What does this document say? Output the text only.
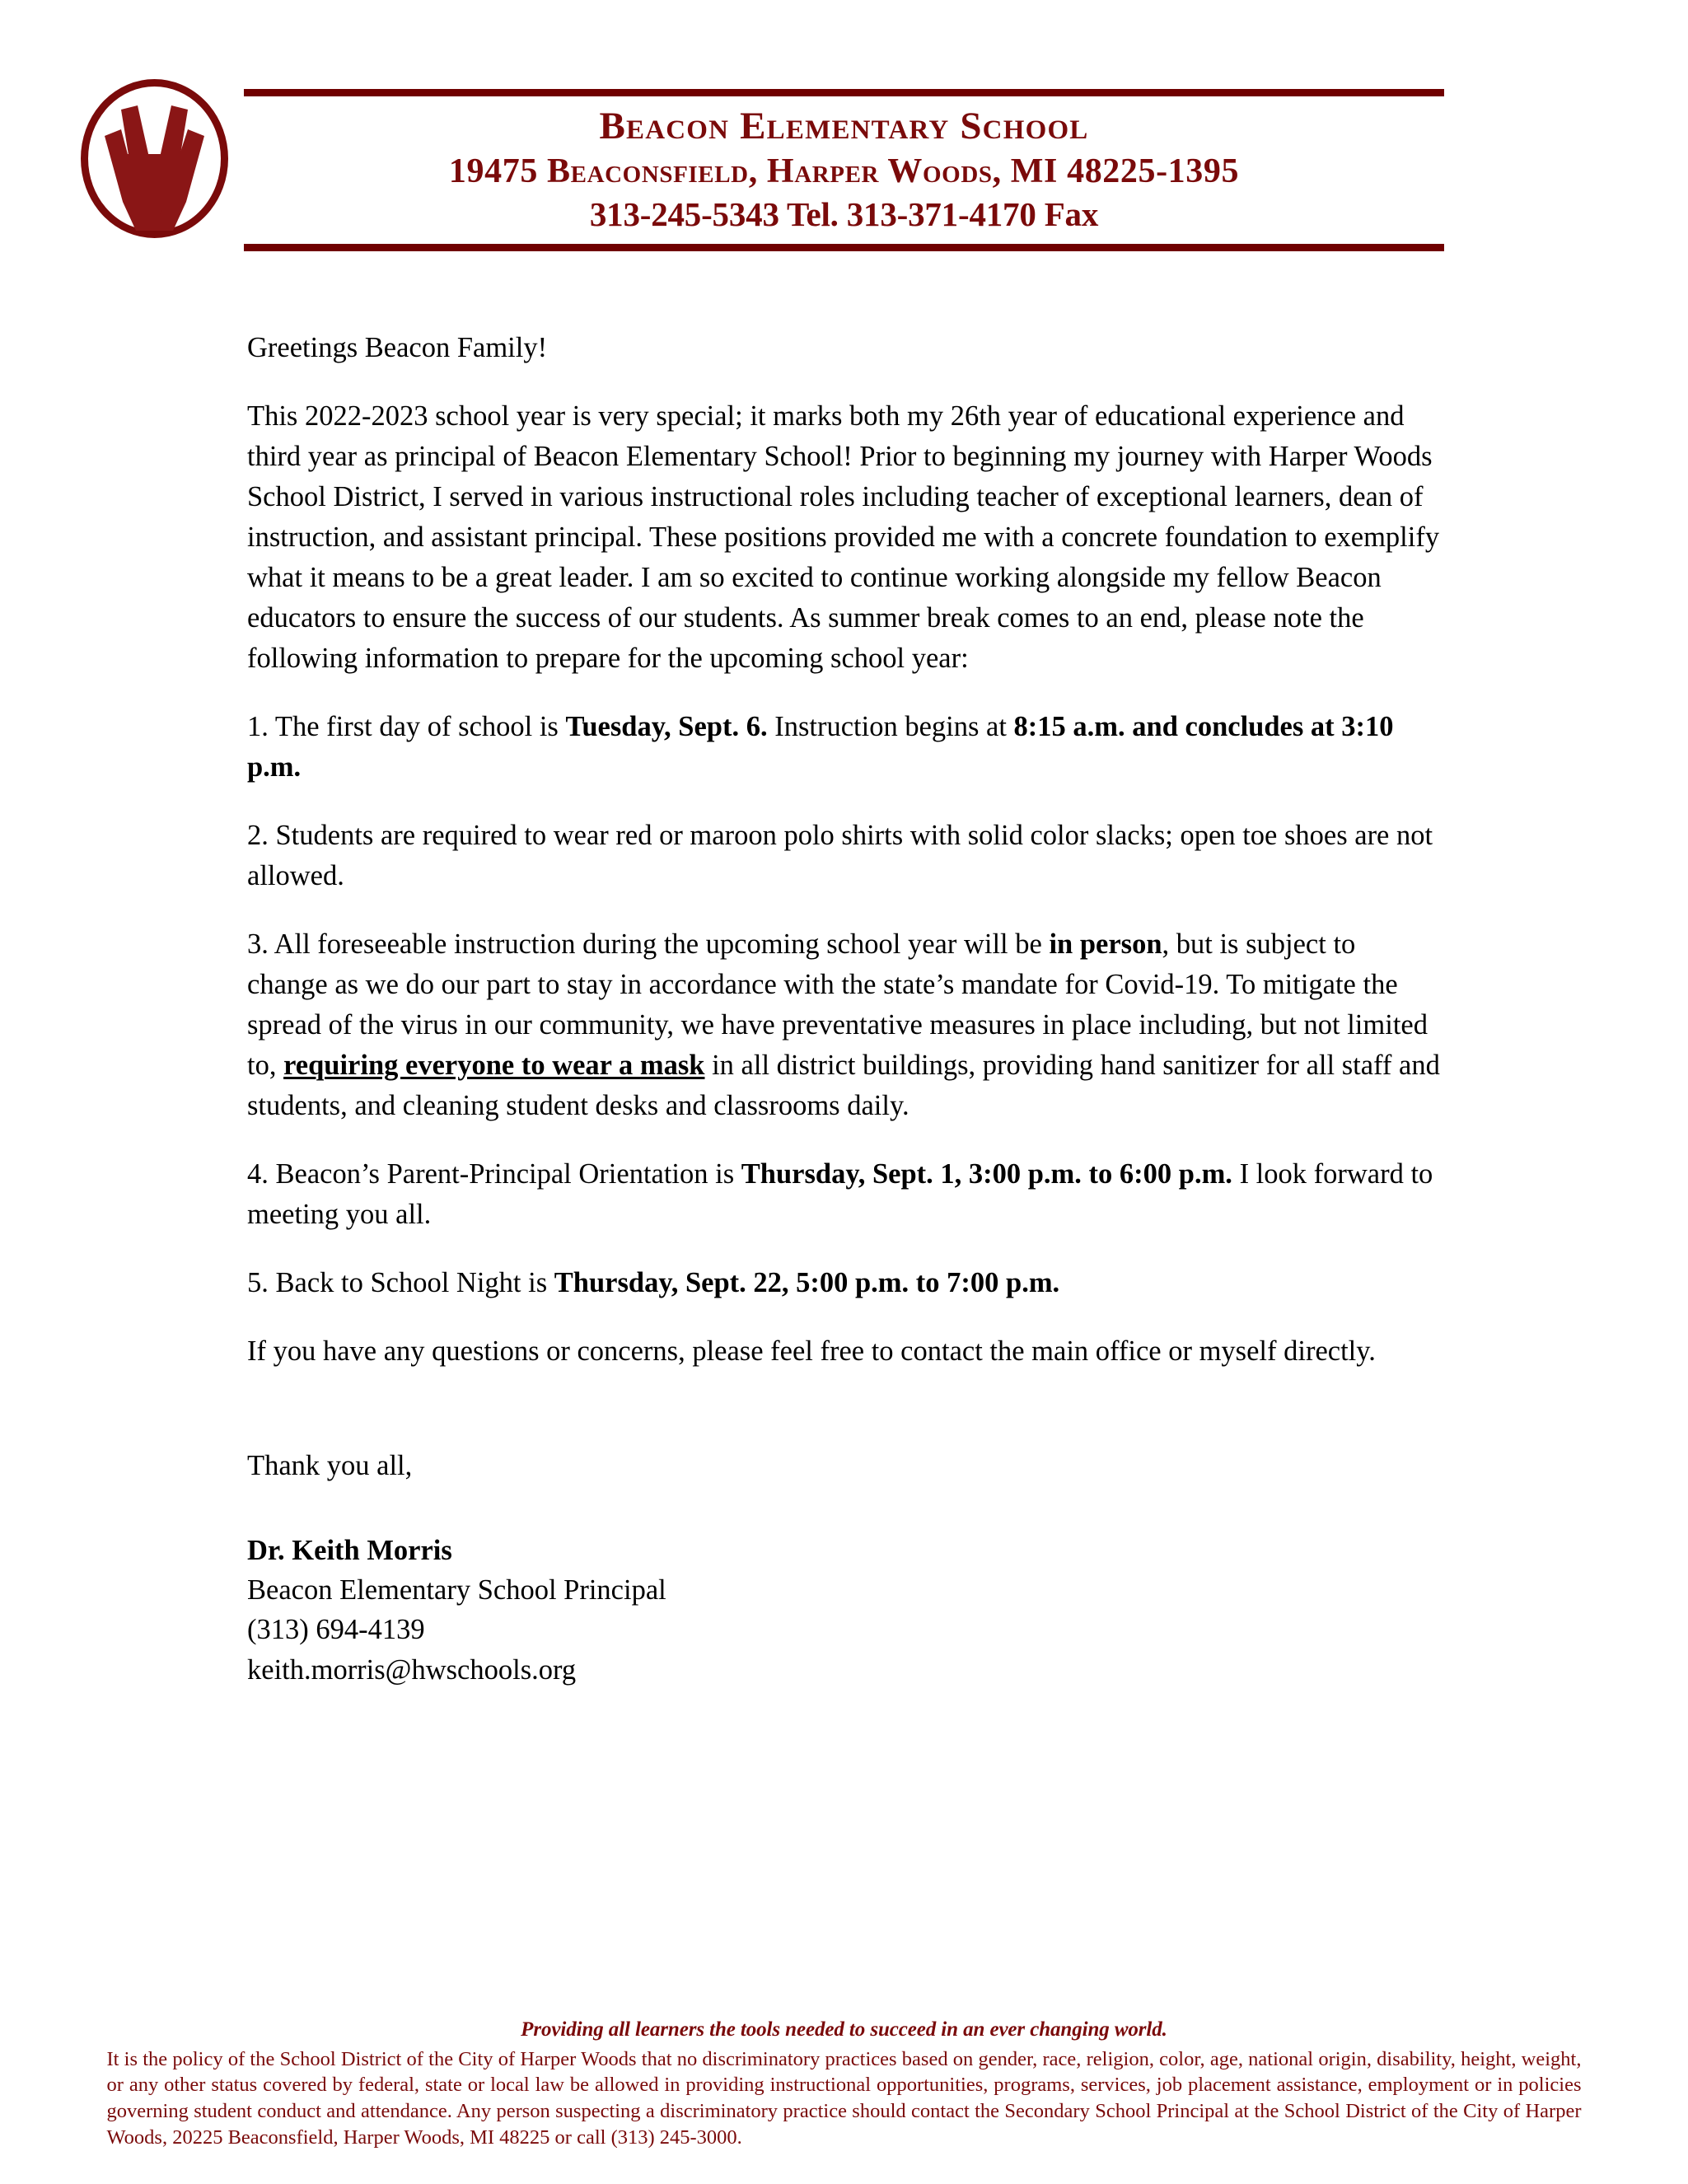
Beacon Elementary School
19475 Beaconsfield, Harper Woods, MI 48225-1395
313-245-5343 Tel. 313-371-4170 Fax

Greetings Beacon Family!

This 2022-2023 school year is very special; it marks both my 26th year of educational experience and third year as principal of Beacon Elementary School! Prior to beginning my journey with Harper Woods School District, I served in various instructional roles including teacher of exceptional learners, dean of instruction, and assistant principal. These positions provided me with a concrete foundation to exemplify what it means to be a great leader. I am so excited to continue working alongside my fellow Beacon educators to ensure the success of our students. As summer break comes to an end, please note the following information to prepare for the upcoming school year:

1. The first day of school is Tuesday, Sept. 6. Instruction begins at 8:15 a.m. and concludes at 3:10 p.m.

2. Students are required to wear red or maroon polo shirts with solid color slacks; open toe shoes are not allowed.

3. All foreseeable instruction during the upcoming school year will be in person, but is subject to change as we do our part to stay in accordance with the state’s mandate for Covid-19. To mitigate the spread of the virus in our community, we have preventative measures in place including, but not limited to, requiring everyone to wear a mask in all district buildings, providing hand sanitizer for all staff and students, and cleaning student desks and classrooms daily.

4. Beacon’s Parent-Principal Orientation is Thursday, Sept. 1, 3:00 p.m. to 6:00 p.m. I look forward to meeting you all.

5. Back to School Night is Thursday, Sept. 22, 5:00 p.m. to 7:00 p.m.

If you have any questions or concerns, please feel free to contact the main office or myself directly.

Thank you all,

Dr. Keith Morris
Beacon Elementary School Principal
(313) 694-4139
keith.morris@hwschools.org
Providing all learners the tools needed to succeed in an ever changing world.
It is the policy of the School District of the City of Harper Woods that no discriminatory practices based on gender, race, religion, color, age, national origin, disability, height, weight, or any other status covered by federal, state or local law be allowed in providing instructional opportunities, programs, services, job placement assistance, employment or in policies governing student conduct and attendance. Any person suspecting a discriminatory practice should contact the Secondary School Principal at the School District of the City of Harper Woods, 20225 Beaconsfield, Harper Woods, MI 48225 or call (313) 245-3000.
